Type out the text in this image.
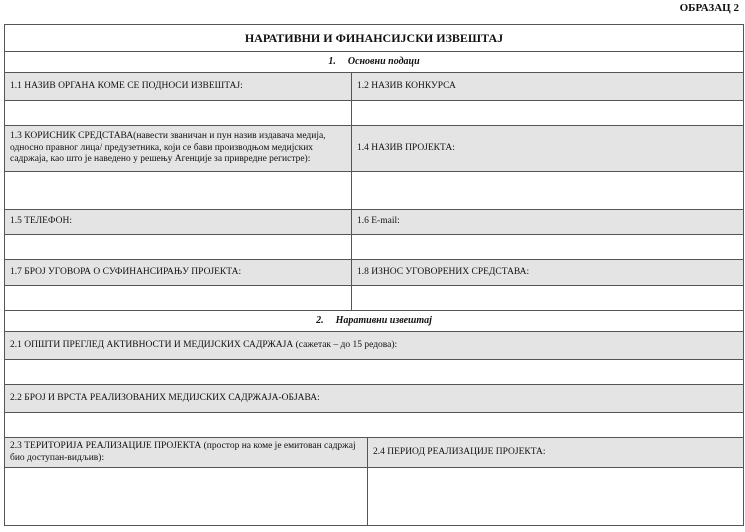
ОБРАЗАЦ 2
НАРАТИВНИ И ФИНАНСИЈСКИ ИЗВЕШТАЈ		
1. Основни подаци		
1.1 НАЗИВ ОРГАНА КОМЕ СЕ ПОДНОСИ ИЗВЕШТАЈ:	1.2 НАЗИВ КОНКУРСА	

1.3 КОРИСНИК СРЕДСТАВА(навести званичан и пун назив издавача медија, односно правног лица/ предузетника, који се бави производњом медијских садржаја, као што је наведено у решењу Агенције за привредне регистре):	1.4 НАЗИВ ПРОЈЕКТА:	

1.5 ТЕЛЕФОН:	1.6 E-mail:	

1.7 БРОЈ УГОВОРА О СУФИНАНСИРАЊУ ПРОЈЕКТА:	1.8 ИЗНОС УГОВОРЕНИХ СРЕДСТАВА:	

2. Наративни извештај		
2.1 ОПШТИ ПРЕГЛЕД АКТИВНОСТИ И МЕДИЈСКИХ САДРЖАЈА (сажетак – до 15 редова):		

2.2 БРОЈ И ВРСТА РЕАЛИЗОВАНИХ МЕДИЈСКИХ САДРЖАЈА-ОБЈАВА:		

2.3 ТЕРИТОРИЈА РЕАЛИЗАЦИЈЕ ПРОЈЕКТА (простор на коме је емитован садржај био доступан-видљив):		2.4 ПЕРИОД РЕАЛИЗАЦИЈЕ ПРОЈЕКТА:
